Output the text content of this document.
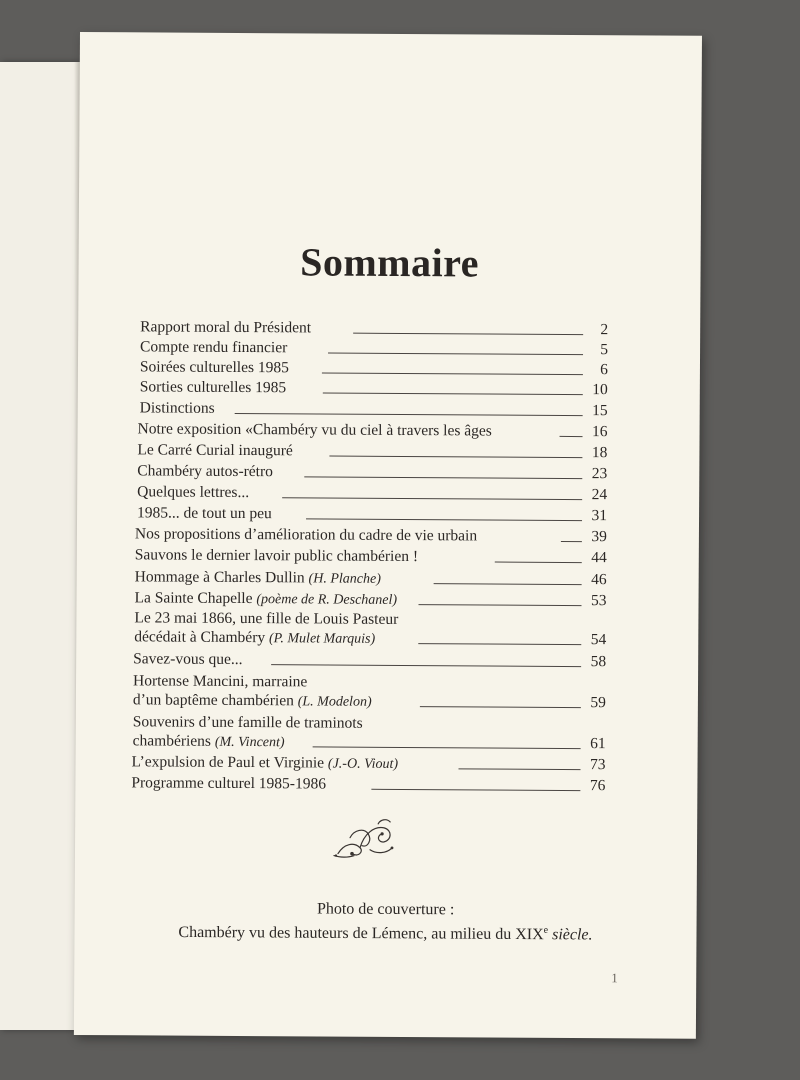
Sommaire
Rapport moral du Président	2
Compte rendu financier	5
Soirées culturelles 1985	6
Sorties culturelles 1985	10
Distinctions	15
Notre exposition «Chambéry vu du ciel à travers les âges	16
Le Carré Curial inauguré	18
Chambéry autos-rétro	23
Quelques lettres...	24
1985... de tout un peu	31
Nos propositions d’amélioration du cadre de vie urbain	39
Sauvons le dernier lavoir public chambérien !	44
Hommage à Charles Dullin (H. Planche)	46
La Sainte Chapelle (poème de R. Deschanel)	53
Le 23 mai 1866, une fille de Louis Pasteur
décédait à Chambéry (P. Mulet Marquis)	54
Savez-vous que...	58
Hortense Mancini, marraine
d’un baptême chambérien (L. Modelon)	59
Souvenirs d’une famille de traminots
chambériens (M. Vincent)	61
L’expulsion de Paul et Virginie (J.-O. Viout)	73
Programme culturel 1985-1986	76
Photo de couverture :
Chambéry vu des hauteurs de Lémenc, au milieu du XIXe siècle.
1
